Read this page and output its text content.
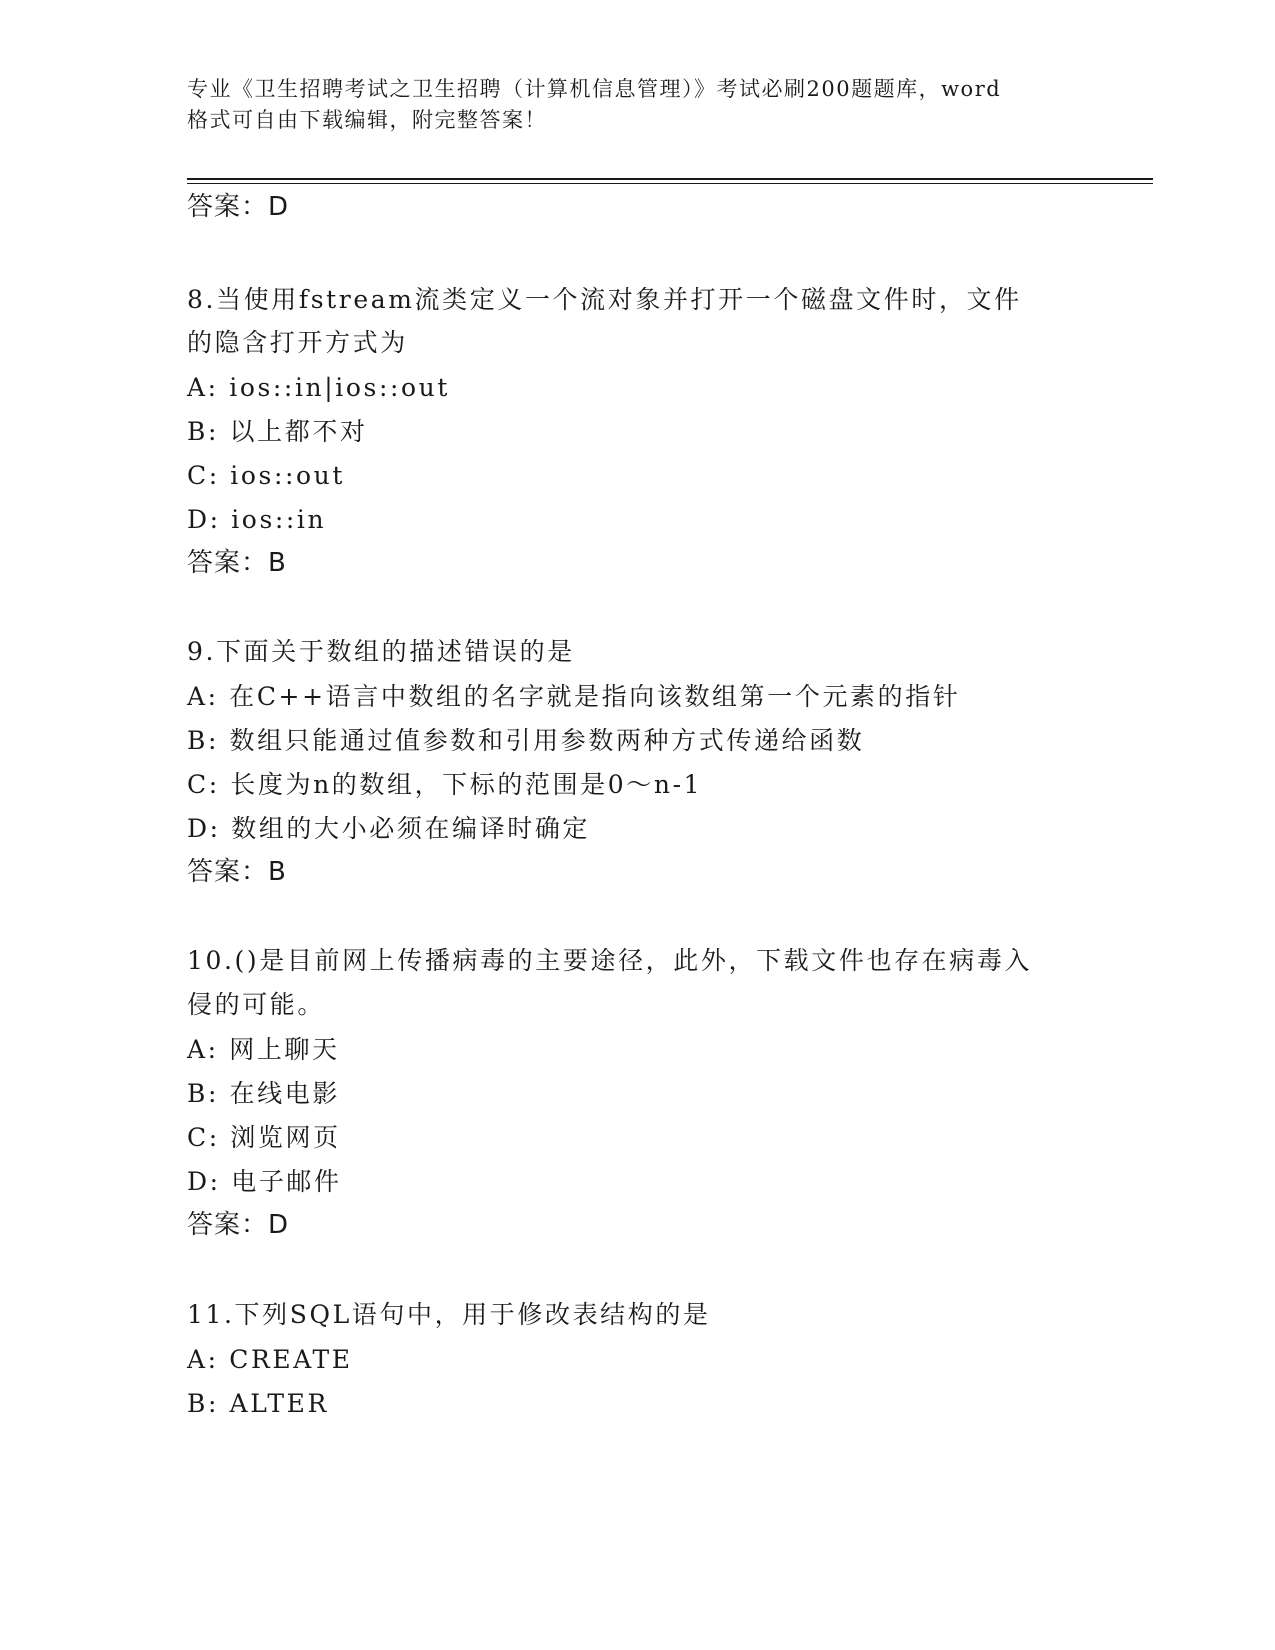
专业《卫生招聘考试之卫生招聘（计算机信息管理）》考试必刷200题题库，word
格式可自由下载编辑，附完整答案！
答案：D
8.当使用fstream流类定义一个流对象并打开一个磁盘文件时，文件
的隐含打开方式为
A: ios::in|ios::out
B: 以上都不对
C: ios::out
D: ios::in
答案：B
9.下面关于数组的描述错误的是
A: 在C++语言中数组的名字就是指向该数组第一个元素的指针
B: 数组只能通过值参数和引用参数两种方式传递给函数
C: 长度为n的数组，下标的范围是0～n-1
D: 数组的大小必须在编译时确定
答案：B
10.()是目前网上传播病毒的主要途径，此外，下载文件也存在病毒入
侵的可能。
A: 网上聊天
B: 在线电影
C: 浏览网页
D: 电子邮件
答案：D
11.下列SQL语句中，用于修改表结构的是
A: CREATE
B: ALTER
